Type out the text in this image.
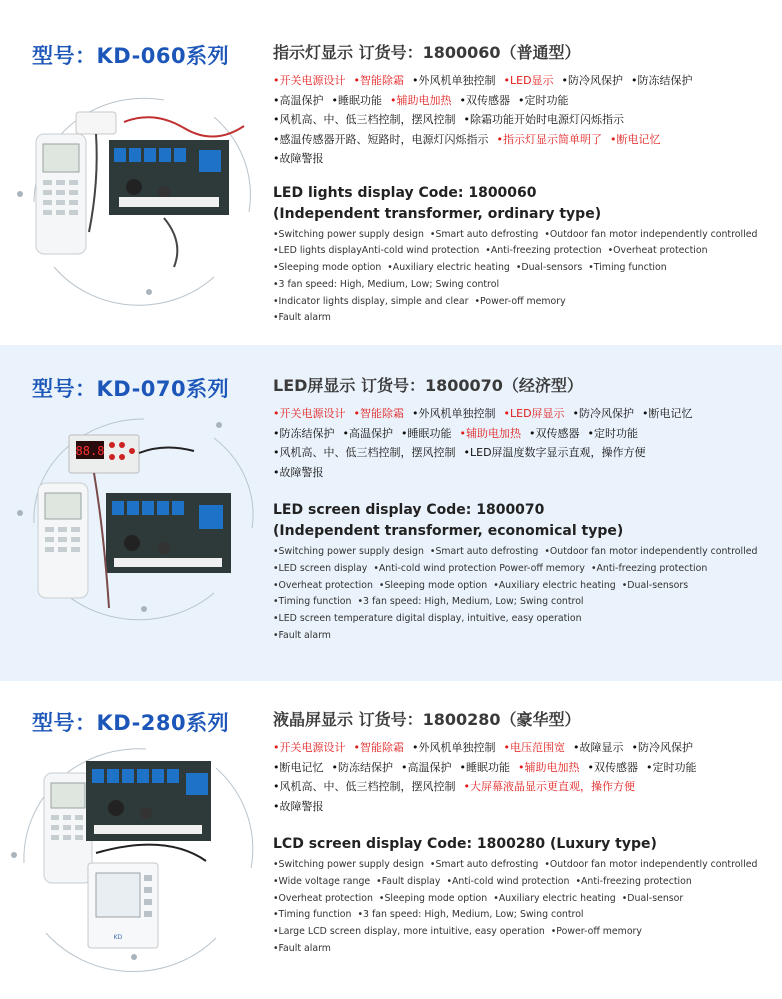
型号：KD-060系列	指示灯显示 订货号：1800060（普通型）
•开关电源设计 •智能除霜 •外风机单独控制 •LED显示 •防冷风保护 •防冻结保护
•高温保护 •睡眠功能 •辅助电加热 •双传感器 •定时功能
•风机高、中、低三档控制，摆风控制 •除霜功能开始时电源灯闪烁指示
•感温传感器开路、短路时，电源灯闪烁指示 •指示灯显示简单明了 •断电记忆
•故障警报
LED lights display Code: 1800060
(Independent transformer, ordinary type)
•Switching power supply design •Smart auto defrosting •Outdoor fan motor independently controlled
•LED lights displayAnti-cold wind protection •Anti-freezing protection •Overheat protection
•Sleeping mode option •Auxiliary electric heating •Dual-sensors •Timing function
•3 fan speed: High, Medium, Low; Swing control
•Indicator lights display, simple and clear •Power-off memory
•Fault alarm
型号：KD-070系列
88.8
LED屏显示 订货号：1800070（经济型）
•开关电源设计 •智能除霜 •外风机单独控制 •LED屏显示 •防冷风保护 •断电记忆
•防冻结保护 •高温保护 •睡眠功能 •辅助电加热 •双传感器 •定时功能
•风机高、中、低三档控制，摆风控制 •LED屏温度数字显示直观，操作方便
•故障警报
LED screen display Code: 1800070
(Independent transformer, economical type)
•Switching power supply design •Smart auto defrosting •Outdoor fan motor independently controlled
•LED screen display •Anti-cold wind protection Power-off memory •Anti-freezing protection
•Overheat protection •Sleeping mode option •Auxiliary electric heating •Dual-sensors
•Timing function •3 fan speed: High, Medium, Low; Swing control
•LED screen temperature digital display, intuitive, easy operation
•Fault alarm
型号：KD-280系列
KD
液晶屏显示 订货号：1800280（豪华型）
•开关电源设计 •智能除霜 •外风机单独控制 •电压范围宽 •故障显示 •防冷风保护
•断电记忆 •防冻结保护 •高温保护 •睡眠功能 •辅助电加热 •双传感器 •定时功能
•风机高、中、低三档控制，摆风控制 •大屏幕液晶显示更直观，操作方便
•故障警报
LCD screen display Code: 1800280 (Luxury type)
•Switching power supply design •Smart auto defrosting •Outdoor fan motor independently controlled
•Wide voltage range •Fault display •Anti-cold wind protection •Anti-freezing protection
•Overheat protection •Sleeping mode option •Auxiliary electric heating •Dual-sensor
•Timing function •3 fan speed: High, Medium, Low; Swing control
•Large LCD screen display, more intuitive, easy operation •Power-off memory
•Fault alarm
